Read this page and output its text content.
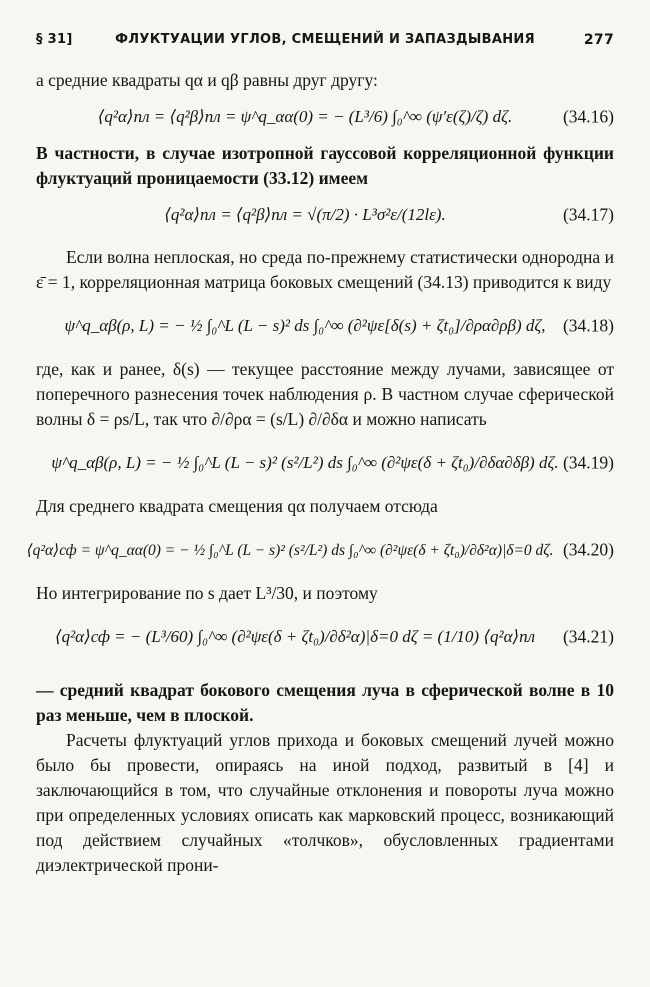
§ 31]	ФЛУКТУАЦИИ УГЛОВ, СМЕЩЕНИЙ И ЗАПАЗДЫВАНИЯ	277

а средние квадраты qα и qβ равны друг другу:

⟨q²α⟩пл = ⟨q²β⟩пл = ψ^q_αα(0) = − (L³/6) ∫₀^∞ (ψ′ε(ζ)/ζ) dζ.	(34.16)

В частности, в случае изотропной гауссовой корреляционной функции флуктуаций проницаемости (33.12) имеем

⟨q²α⟩пл = ⟨q²β⟩пл = √(π/2) · L³σ²ε/(12lε).	(34.17)

Если волна неплоская, но среда по-прежнему статистически однородна и ε̄ = 1, корреляционная матрица боковых смещений (34.13) приводится к виду

ψ^q_αβ(ρ, L) = − ½ ∫₀^L (L − s)² ds ∫₀^∞ (∂²ψε[δ(s) + ζt₀]/∂ρα∂ρβ) dζ, (34.18)

где, как и ранее, δ(s) — текущее расстояние между лучами, зависящее от поперечного разнесения точек наблюдения ρ. В частном случае сферической волны δ = ρs/L, так что ∂/∂ρα = (s/L) ∂/∂δα и можно написать

ψ^q_αβ(ρ, L) = − ½ ∫₀^L (L − s)² (s²/L²) ds ∫₀^∞ (∂²ψε(δ + ζt₀)/∂δα∂δβ) dζ. (34.19)

Для среднего квадрата смещения qα получаем отсюда

⟨q²α⟩сф = ψ^q_αα(0) = − ½ ∫₀^L (L − s)² (s²/L²) ds ∫₀^∞ (∂²ψε(δ + ζt₀)/∂δ²α)|δ=0 dζ. (34.20)

Но интегрирование по s дает L³/30, и поэтому

⟨q²α⟩сф = − (L³/60) ∫₀^∞ (∂²ψε(δ + ζt₀)/∂δ²α)|δ=0 dζ = (1/10) ⟨q²α⟩пл (34.21)

— средний квадрат бокового смещения луча в сферической волне в 10 раз меньше, чем в плоской.

Расчеты флуктуаций углов прихода и боковых смещений лучей можно было бы провести, опираясь на иной подход, развитый в [4] и заключающийся в том, что случайные отклонения и повороты луча можно при определенных условиях описать как марковский процесс, возникающий под действием случайных «толчков», обусловленных градиентами диэлектрической прони-
